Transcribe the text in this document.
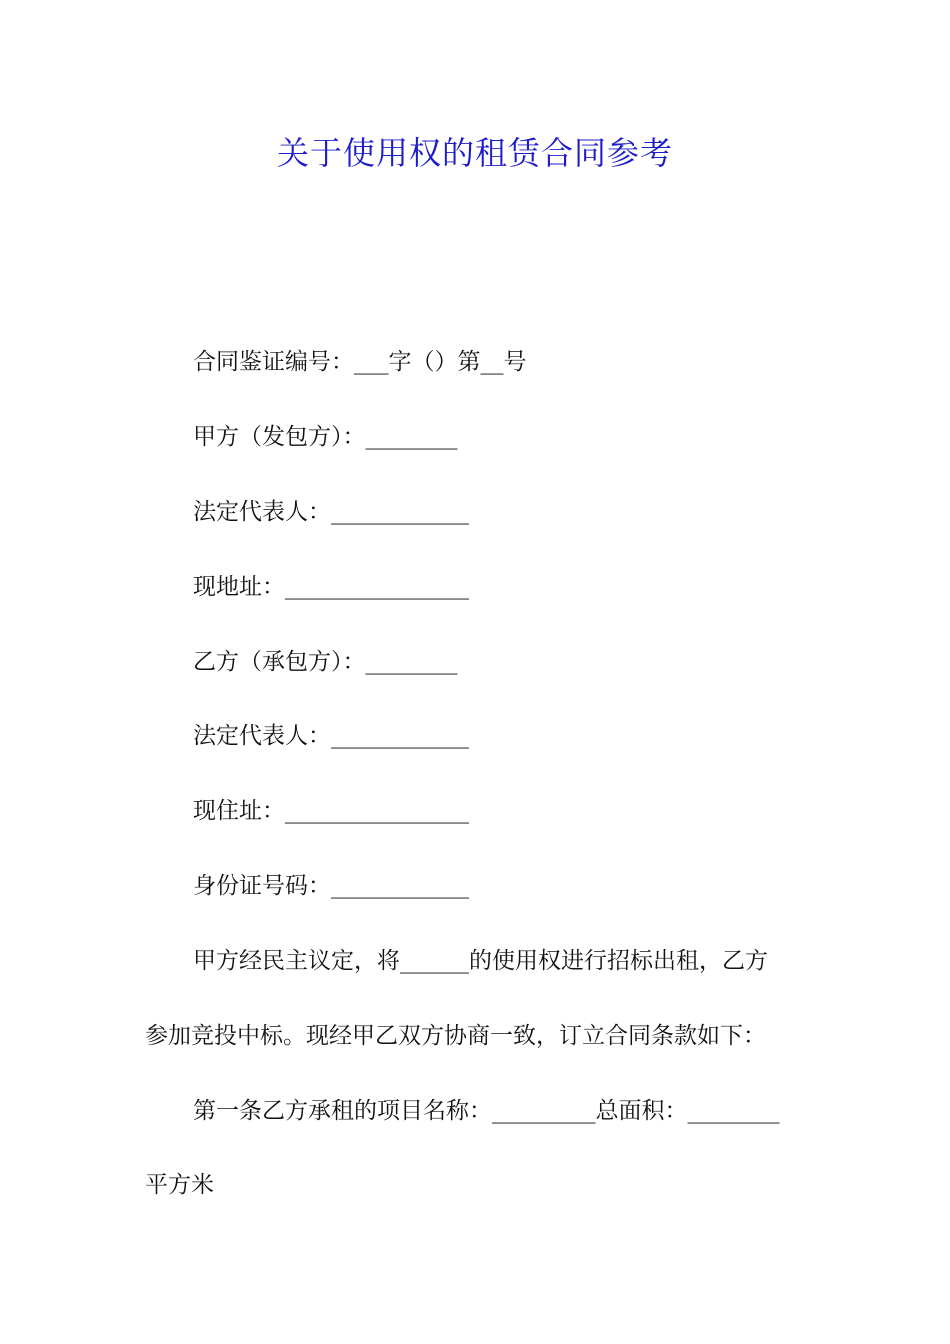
关于使用权的租赁合同参考
合同鉴证编号：___字（）第__号
甲方（发包方）：________
法定代表人：____________
现地址：________________
乙方（承包方）：________
法定代表人：____________
现住址：________________
身份证号码：____________
甲方经民主议定，将______的使用权进行招标出租，乙方
参加竞投中标。现经甲乙双方协商一致，订立合同条款如下：
第一条乙方承租的项目名称：_________总面积：________
平方米
